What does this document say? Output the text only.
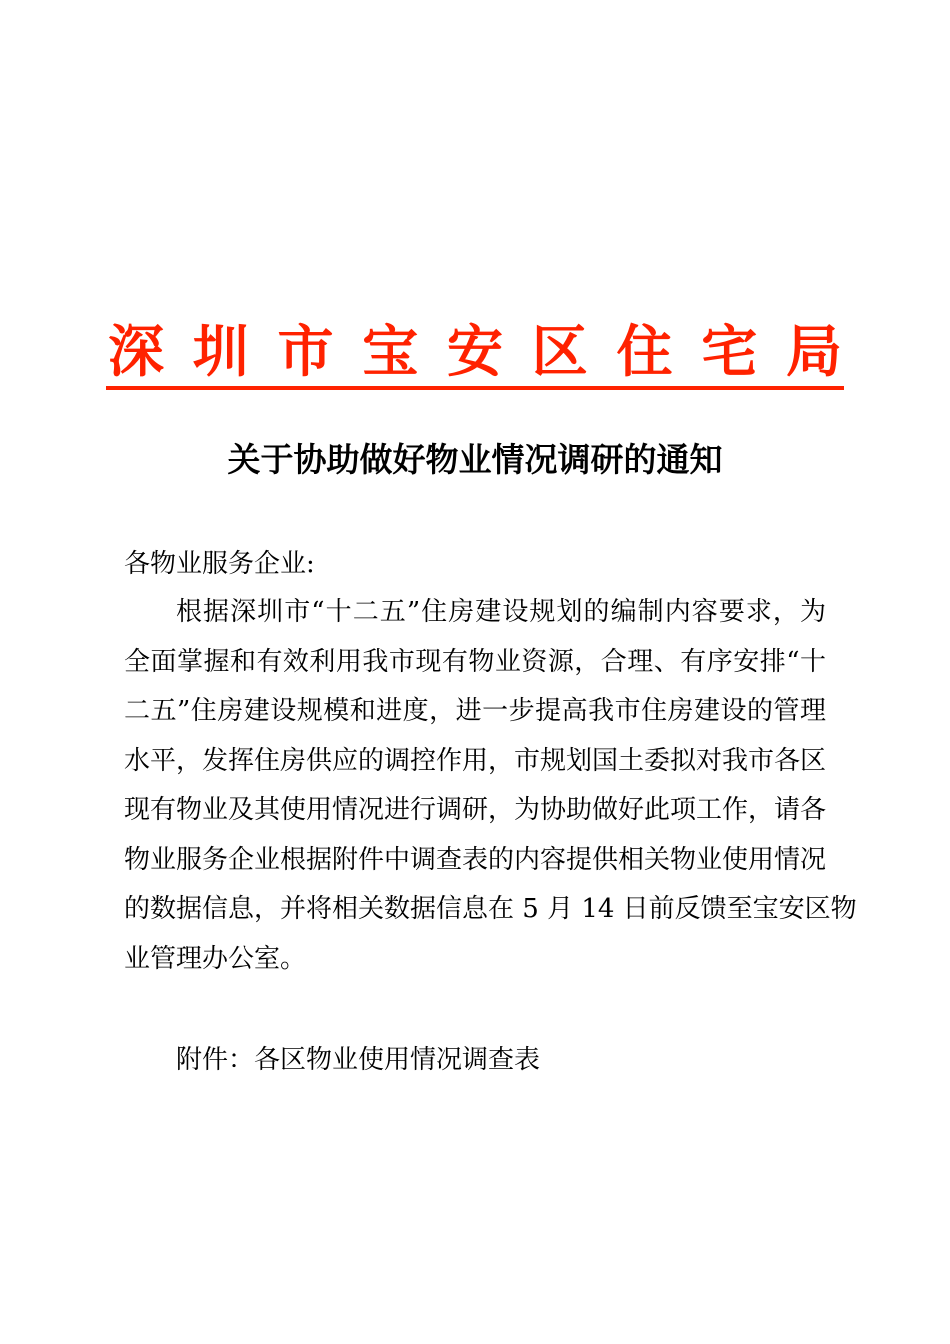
深 圳 市 宝 安 区 住 宅 局
关于协助做好物业情况调研的通知
各物业服务企业:
根据深圳市“十二五”住房建设规划的编制内容要求，为
全面掌握和有效利用我市现有物业资源，合理、有序安排“十
二五”住房建设规模和进度，进一步提高我市住房建设的管理
水平，发挥住房供应的调控作用，市规划国土委拟对我市各区
现有物业及其使用情况进行调研，为协助做好此项工作，请各
物业服务企业根据附件中调查表的内容提供相关物业使用情况
的数据信息，并将相关数据信息在 5 月 14 日前反馈至宝安区物
业管理办公室。
附件：各区物业使用情况调查表
